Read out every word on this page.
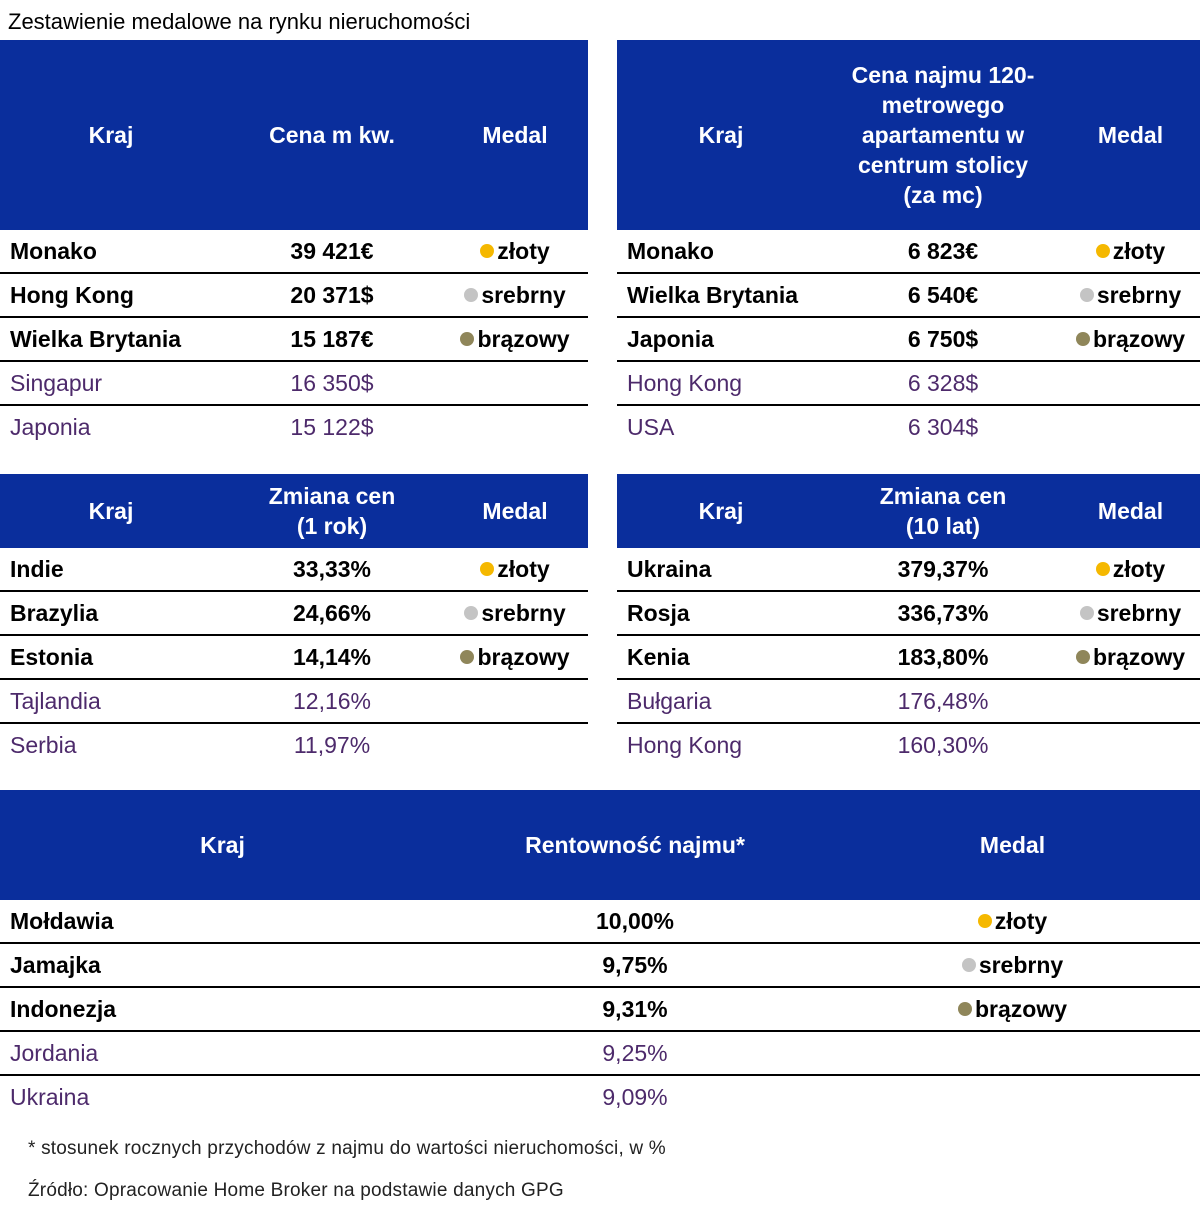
Zestawienie medalowe na rynku nieruchomości
Kraj	Cena m kw.	Medal
Monako	39 421€	złoty
Hong Kong	20 371$	srebrny
Wielka Brytania	15 187€	brązowy
Singapur	16 350$	
Japonia	15 122$	
Kraj	Cena najmu 120-metrowego apartamentu w centrum stolicy (za mc)	Medal
Monako	6 823€	złoty
Wielka Brytania	6 540€	srebrny
Japonia	6 750$	brązowy
Hong Kong	6 328$	
USA	6 304$	
Kraj	Zmiana cen (1 rok)	Medal
Indie	33,33%	złoty
Brazylia	24,66%	srebrny
Estonia	14,14%	brązowy
Tajlandia	12,16%	
Serbia	11,97%	
Kraj	Zmiana cen (10 lat)	Medal
Ukraina	379,37%	złoty
Rosja	336,73%	srebrny
Kenia	183,80%	brązowy
Bułgaria	176,48%	
Hong Kong	160,30%	
Kraj	Rentowność najmu*	Medal
Mołdawia	10,00%	złoty
Jamajka	9,75%	srebrny
Indonezja	9,31%	brązowy
Jordania	9,25%	
Ukraina	9,09%	
* stosunek rocznych przychodów z najmu do wartości nieruchomości, w %
Źródło: Opracowanie Home Broker na podstawie danych GPG
